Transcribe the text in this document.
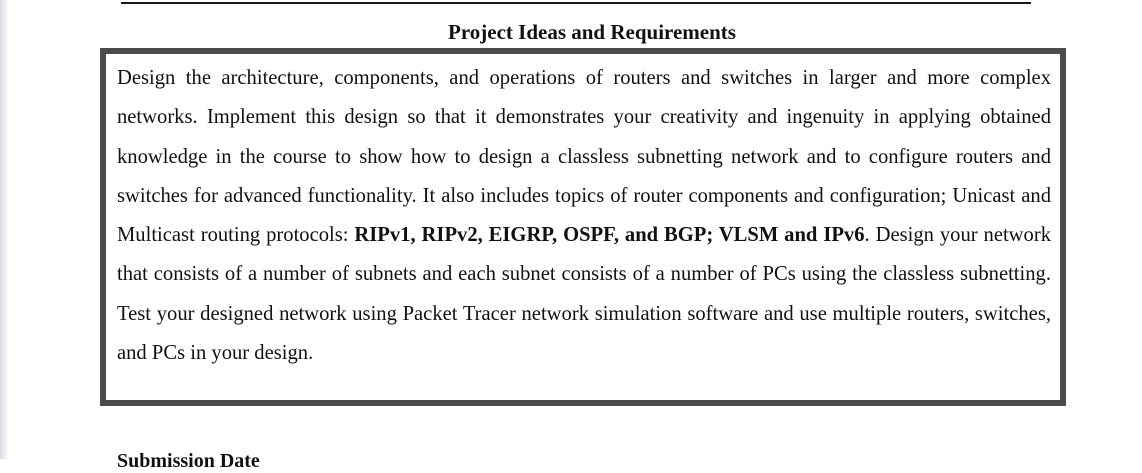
Project Ideas and Requirements

Design the architecture, components, and operations of routers and switches in larger and more complex networks. Implement this design so that it demonstrates your creativity and ingenuity in applying obtained knowledge in the course to show how to design a classless subnetting network and to configure routers and switches for advanced functionality. It also includes topics of router components and configuration; Unicast and Multicast routing protocols: RIPv1, RIPv2, EIGRP, OSPF, and BGP; VLSM and IPv6. Design your network that consists of a number of subnets and each subnet consists of a number of PCs using the classless subnetting. Test your designed network using Packet Tracer network simulation software and use multiple routers, switches, and PCs in your design.

Submission Date
